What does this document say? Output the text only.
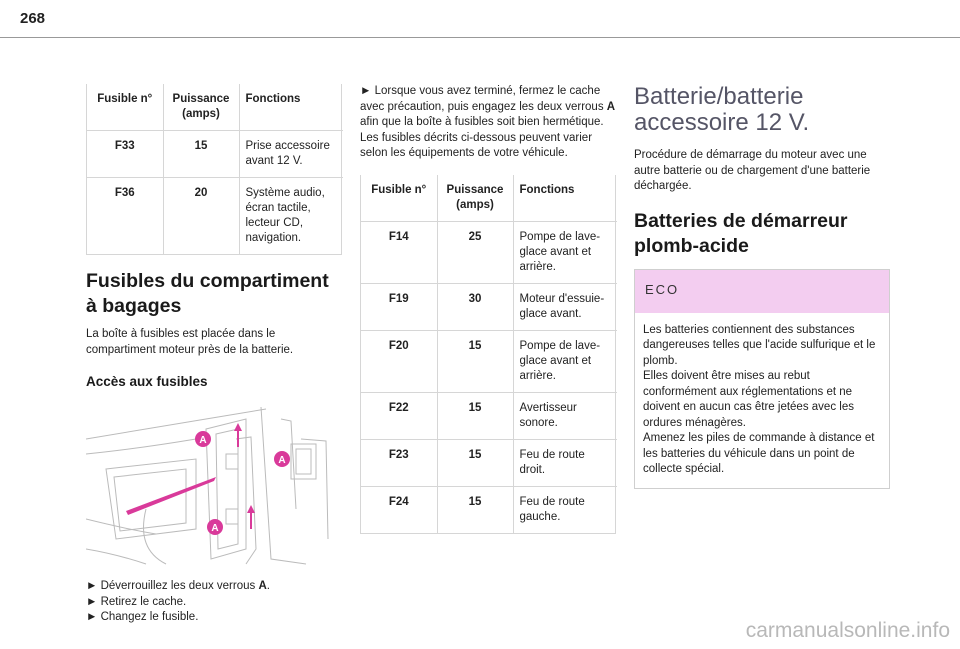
268
Fusible n°	Puissance (amps)	Fonctions
F33	15	Prise accessoire avant 12 V.
F36	20	Système audio, écran tactile, lecteur CD, navigation.
Fusibles du compartiment à bagages

La boîte à fusibles est placée dans le compartiment moteur près de la batterie.

Accès aux fusibles
A
A
A
► Déverrouillez les deux verrous A.
► Retirez le cache.
► Changez le fusible.

► Lorsque vous avez terminé, fermez le cache avec précaution, puis engagez les deux verrous A afin que la boîte à fusibles soit bien hermétique.

Les fusibles décrits ci-dessous peuvent varier selon les équipements de votre véhicule.

Fusible n°	Puissance (amps)	Fonctions
F14	25	Pompe de lave-glace avant et arrière.
F19	30	Moteur d'essuie-glace avant.
F20	15	Pompe de lave-glace avant et arrière.
F22	15	Avertisseur sonore.
F23	15	Feu de route droit.
F24	15	Feu de route gauche.
Batterie/batterie accessoire 12 V.

Procédure de démarrage du moteur avec une autre batterie ou de chargement d'une batterie déchargée.

Batteries de démarreur plomb-acide
ECO
Les batteries contiennent des substances dangereuses telles que l'acide sulfurique et le plomb.
Elles doivent être mises au rebut conformément aux réglementations et ne doivent en aucun cas être jetées avec les ordures ménagères.
Amenez les piles de commande à distance et les batteries du véhicule dans un point de collecte spécial.
carmanualsonline.info
